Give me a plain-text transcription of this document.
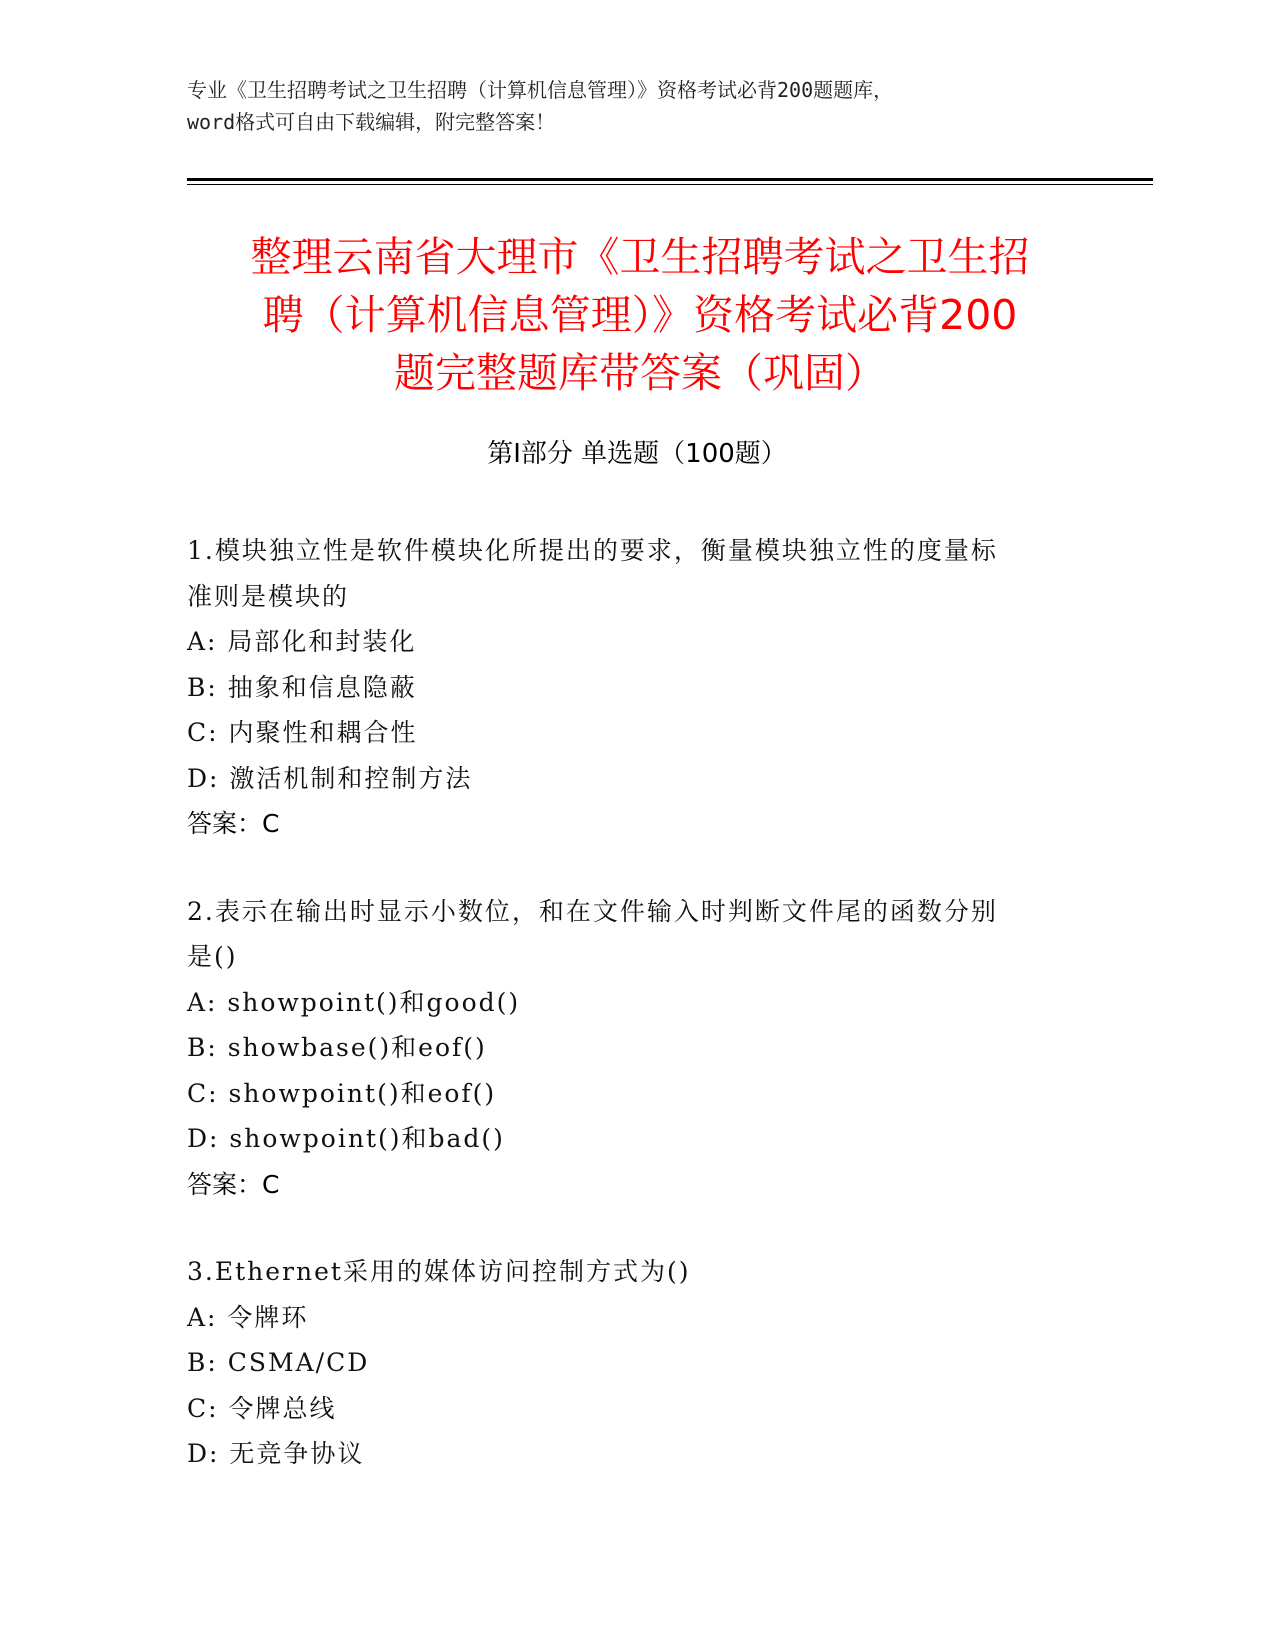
专业《卫生招聘考试之卫生招聘（计算机信息管理）》资格考试必背200题题库，
word格式可自由下载编辑，附完整答案！
整理云南省大理市《卫生招聘考试之卫生招
聘（计算机信息管理）》资格考试必背200
题完整题库带答案（巩固）
第Ⅰ部分 单选题（100题）
1.模块独立性是软件模块化所提出的要求，衡量模块独立性的度量标
准则是模块的
A: 局部化和封装化
B: 抽象和信息隐蔽
C: 内聚性和耦合性
D: 激活机制和控制方法
答案：C
2.表示在输出时显示小数位，和在文件输入时判断文件尾的函数分别
是()
A: showpoint()和good()
B: showbase()和eof()
C: showpoint()和eof()
D: showpoint()和bad()
答案：C
3.Ethernet采用的媒体访问控制方式为()
A: 令牌环
B: CSMA/CD
C: 令牌总线
D: 无竞争协议
